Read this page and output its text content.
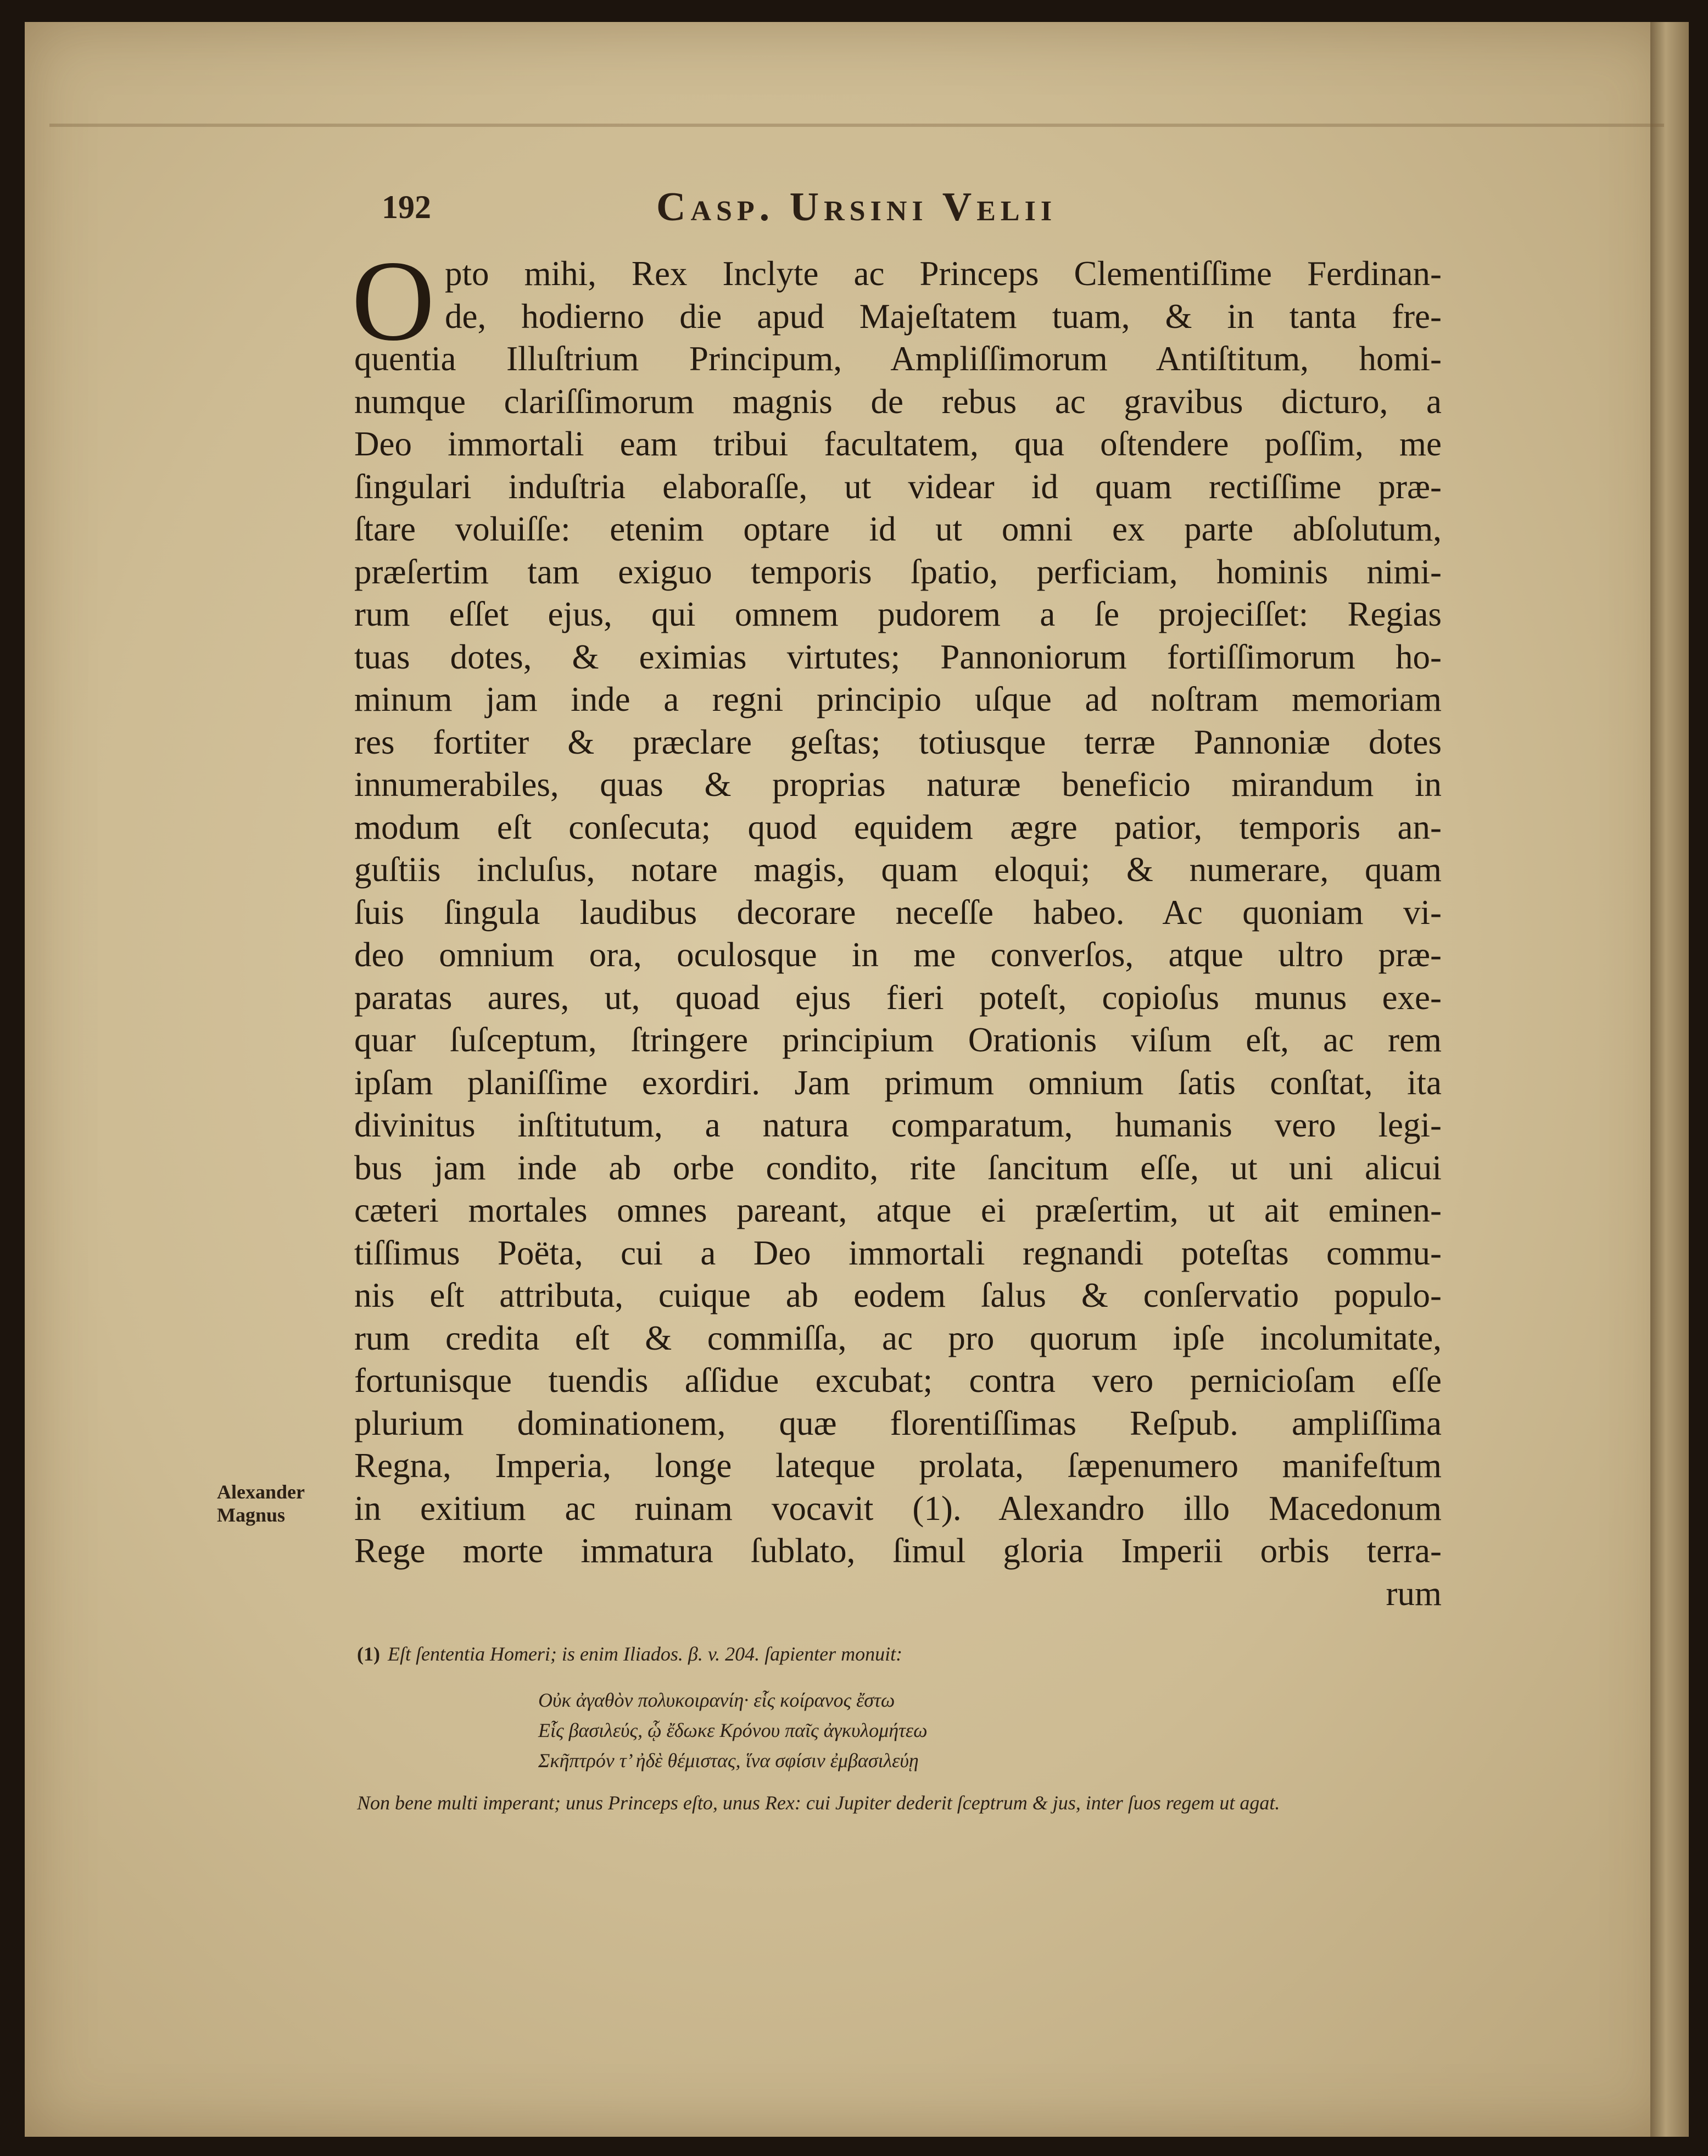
192	Casp. Ursini Velii
O pto mihi, Rex Inclyte ac Princeps Clementiſſime Ferdinan-
de, hodierno die apud Majeſtatem tuam, & in tanta fre-
quentia Illuſtrium Principum, Ampliſſimorum Antiſtitum, homi-
numque clariſſimorum magnis de rebus ac gravibus dicturo, a
Deo immortali eam tribui facultatem, qua oſtendere poſſim, me
ſingulari induſtria elaboraſſe, ut videar id quam rectiſſime præ-
ſtare voluiſſe: etenim optare id ut omni ex parte abſolutum,
præſertim tam exiguo temporis ſpatio, perficiam, hominis nimi-
rum eſſet ejus, qui omnem pudorem a ſe projeciſſet: Regias
tuas dotes, & eximias virtutes; Pannoniorum fortiſſimorum ho-
minum jam inde a regni principio uſque ad noſtram memoriam
res fortiter & præclare geſtas; totiusque terræ Pannoniæ dotes
innumerabiles, quas & proprias naturæ beneficio mirandum in
modum eſt conſecuta; quod equidem ægre patior, temporis an-
guſtiis incluſus, notare magis, quam eloqui; & numerare, quam
ſuis ſingula laudibus decorare neceſſe habeo. Ac quoniam vi-
deo omnium ora, oculosque in me converſos, atque ultro præ-
paratas aures, ut, quoad ejus fieri poteſt, copioſus munus exe-
quar ſuſceptum, ſtringere principium Orationis viſum eſt, ac rem
ipſam planiſſime exordiri. Jam primum omnium ſatis conſtat, ita
divinitus inſtitutum, a natura comparatum, humanis vero legi-
bus jam inde ab orbe condito, rite ſancitum eſſe, ut uni alicui
cæteri mortales omnes pareant, atque ei præſertim, ut ait eminen-
tiſſimus Poëta, cui a Deo immortali regnandi poteſtas commu-
nis eſt attributa, cuique ab eodem ſalus & conſervatio populo-
rum credita eſt & commiſſa, ac pro quorum ipſe incolumitate,
fortunisque tuendis aſſidue excubat; contra vero pernicioſam eſſe
plurium dominationem, quæ florentiſſimas Reſpub. ampliſſima
Regna, Imperia, longe lateque prolata, ſæpenumero manifeſtum
in exitium ac ruinam vocavit (1). Alexandro illo Macedonum
Rege morte immatura ſublato, ſimul gloria Imperii orbis terra-
rum
Alexander
Magnus
(1) Eſt ſententia Homeri; is enim Iliados. β. v. 204. ſapienter monuit:
Οὐκ ἀγαθὸν πολυκοιρανίη· εἷς κοίρανος ἔστω
Εἷς βασιλεύς, ᾧ ἔδωκε Κρόνου παῖς ἀγκυλομήτεω
Σκῆπτρόν τ’ ἠδὲ θέμιστας, ἵνα σφίσιν ἐμβασιλεύῃ
Non bene multi imperant; unus Princeps eſto, unus Rex: cui Jupiter dederit ſceptrum & jus, inter ſuos regem ut agat.
